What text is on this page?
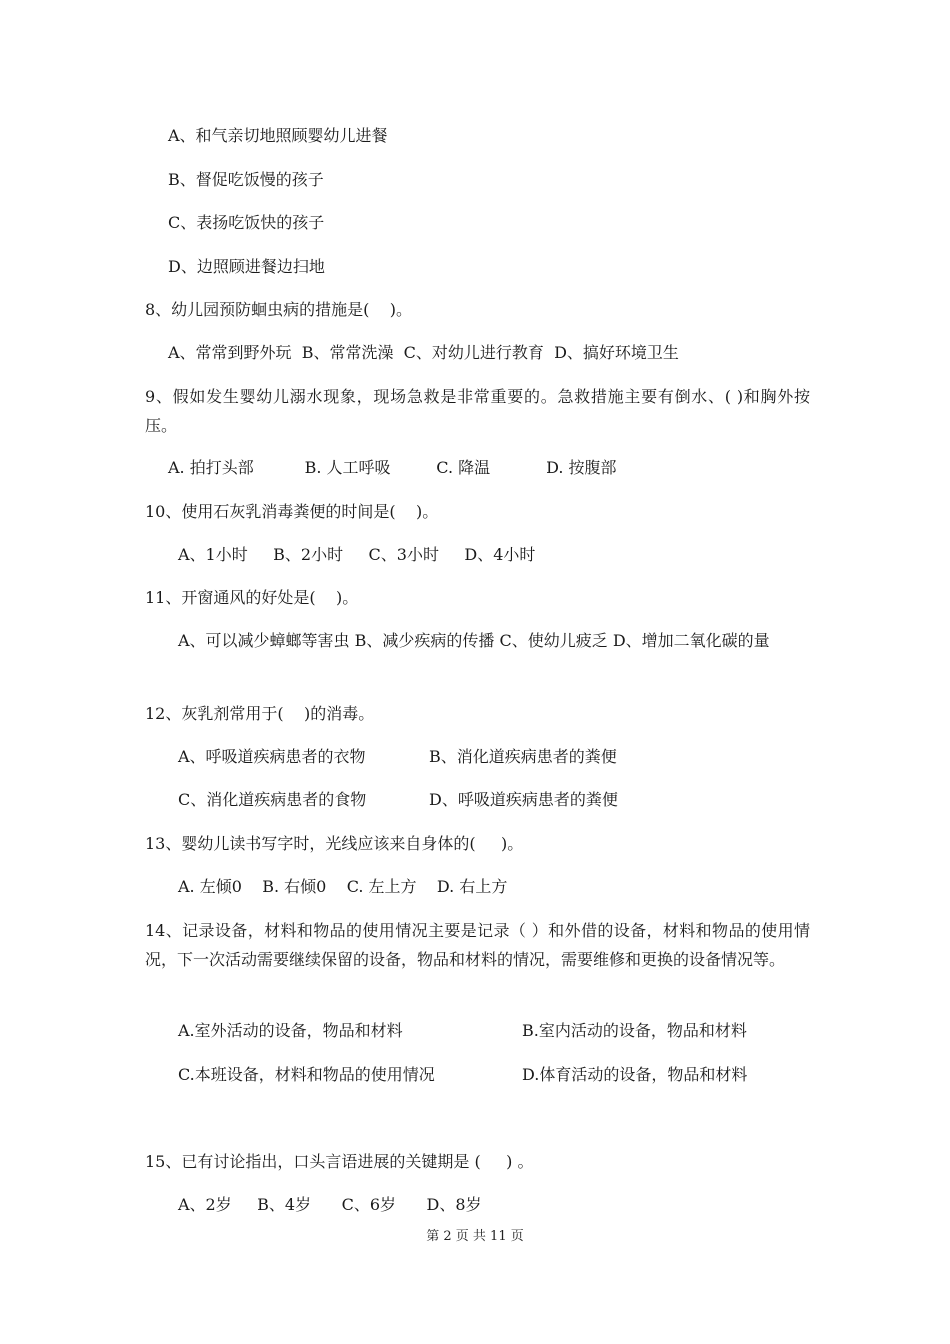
A、和气亲切地照顾婴幼儿进餐
B、督促吃饭慢的孩子
C、表扬吃饭快的孩子
D、边照顾进餐边扫地
8、幼儿园预防蛔虫病的措施是(    )。
A、常常到野外玩  B、常常洗澡  C、对幼儿进行教育  D、搞好环境卫生
9、假如发生婴幼儿溺水现象，现场急救是非常重要的。急救措施主要有倒水、( )和胸外按压。
A. 拍打头部          B. 人工呼吸         C. 降温           D. 按腹部
10、使用石灰乳消毒粪便的时间是(    )。
A、1小时     B、2小时     C、3小时     D、4小时
11、开窗通风的好处是(    )。
A、可以减少蟑螂等害虫 B、减少疾病的传播 C、使幼儿疲乏 D、增加二氧化碳的量
12、灰乳剂常用于(    )的消毒。
A、呼吸道疾病患者的衣物	B、消化道疾病患者的粪便
C、消化道疾病患者的食物	D、呼吸道疾病患者的粪便
13、婴幼儿读书写字时，光线应该来自身体的(     )。
A. 左倾0    B. 右倾0    C. 左上方    D. 右上方
14、记录设备，材料和物品的使用情况主要是记录（ ）和外借的设备，材料和物品的使用情况，下一次活动需要继续保留的设备，物品和材料的情况，需要维修和更换的设备情况等。
A.室外活动的设备，物品和材料	B.室内活动的设备，物品和材料
C.本班设备，材料和物品的使用情况	D.体育活动的设备，物品和材料
15、已有讨论指出，口头言语进展的关键期是 (     ) 。
A、2岁     B、4岁      C、6岁      D、8岁
第 2 页 共 11 页
